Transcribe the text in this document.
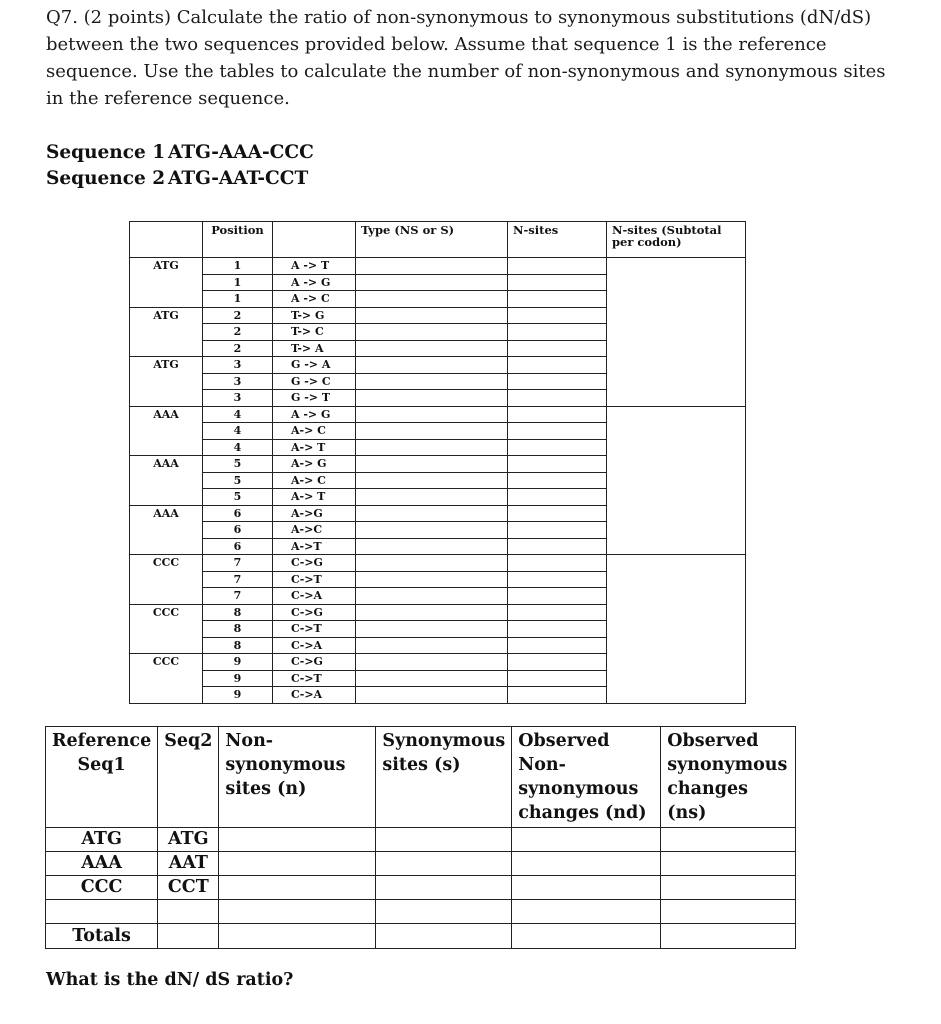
Q7. (2 points) Calculate the ratio of non-synonymous to synonymous substitutions (dN/dS)

between the two sequences provided below. Assume that sequence 1 is the reference

sequence. Use the tables to calculate the number of non-synonymous and synonymous sites

in the reference sequence.

Sequence 1 ATG-AAA-CCC
Sequence 2 ATG-AAT-CCT
	Position		Type (NS or S)	N-sites	N-sites (Subtotal per codon)
ATG	1	A -> T			
	1	A -> G			
	1	A -> C			
ATG	2	T-> G			
	2	T-> C			
	2	T-> A			
ATG	3	G -> A			
	3	G -> C			
	3	G -> T			
AAA	4	A -> G			
	4	A-> C			
	4	A-> T			
AAA	5	A-> G			
	5	A-> C			
	5	A-> T			
AAA	6	A->G			
	6	A->C			
	6	A->T			
CCC	7	C->G			
	7	C->T			
	7	C->A			
CCC	8	C->G			
	8	C->T			
	8	C->A			
CCC	9	C->G			
	9	C->T			
	9	C->A			
Reference Seq1	Seq2	Non- synonymous sites (n)	Synonymous sites (s)	Observed Non- synonymous changes (nd)	Observed synonymous changes (ns)
ATG	ATG				
AAA	AAT				
CCC	CCT				

Totals					
What is the dN/ dS ratio?
